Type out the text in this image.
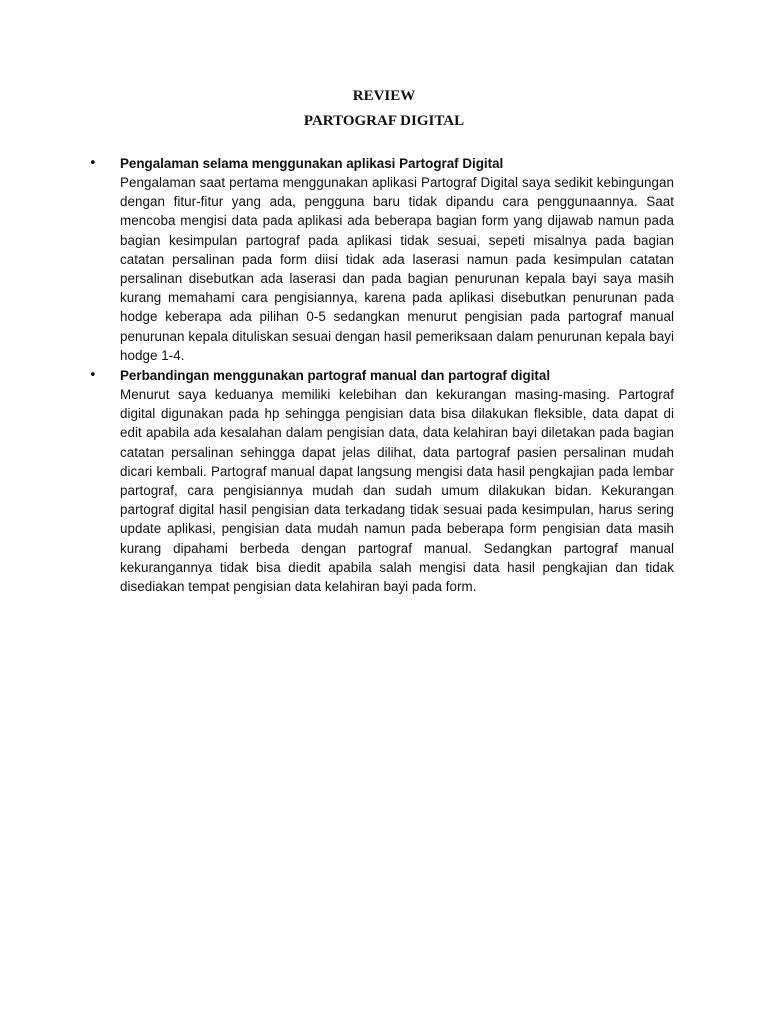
REVIEW
PARTOGRAF DIGITAL
• Pengalaman selama menggunakan aplikasi Partograf Digital

Pengalaman saat pertama menggunakan aplikasi Partograf Digital saya sedikit kebingungan dengan fitur-fitur yang ada, pengguna baru tidak dipandu cara penggunaannya. Saat mencoba mengisi data pada aplikasi ada beberapa bagian form yang dijawab namun pada bagian kesimpulan partograf pada aplikasi tidak sesuai, sepeti misalnya pada bagian catatan persalinan pada form diisi tidak ada laserasi namun pada kesimpulan catatan persalinan disebutkan ada laserasi dan pada bagian penurunan kepala bayi saya masih kurang memahami cara pengisiannya, karena pada aplikasi disebutkan penurunan pada hodge keberapa ada pilihan 0-5 sedangkan menurut pengisian pada partograf manual penurunan kepala dituliskan sesuai dengan hasil pemeriksaan dalam penurunan kepala bayi hodge 1-4.

• Perbandingan menggunakan partograf manual dan partograf digital

Menurut saya keduanya memiliki kelebihan dan kekurangan masing-masing. Partograf digital digunakan pada hp sehingga pengisian data bisa dilakukan fleksible, data dapat di edit apabila ada kesalahan dalam pengisian data, data kelahiran bayi diletakan pada bagian catatan persalinan sehingga dapat jelas dilihat, data partograf pasien persalinan mudah dicari kembali. Partograf manual dapat langsung mengisi data hasil pengkajian pada lembar partograf, cara pengisiannya mudah dan sudah umum dilakukan bidan. Kekurangan partograf digital hasil pengisian data terkadang tidak sesuai pada kesimpulan, harus sering update aplikasi, pengisian data mudah namun pada beberapa form pengisian data masih kurang dipahami berbeda dengan partograf manual. Sedangkan partograf manual kekurangannya tidak bisa diedit apabila salah mengisi data hasil pengkajian dan tidak disediakan tempat pengisian data kelahiran bayi pada form.
